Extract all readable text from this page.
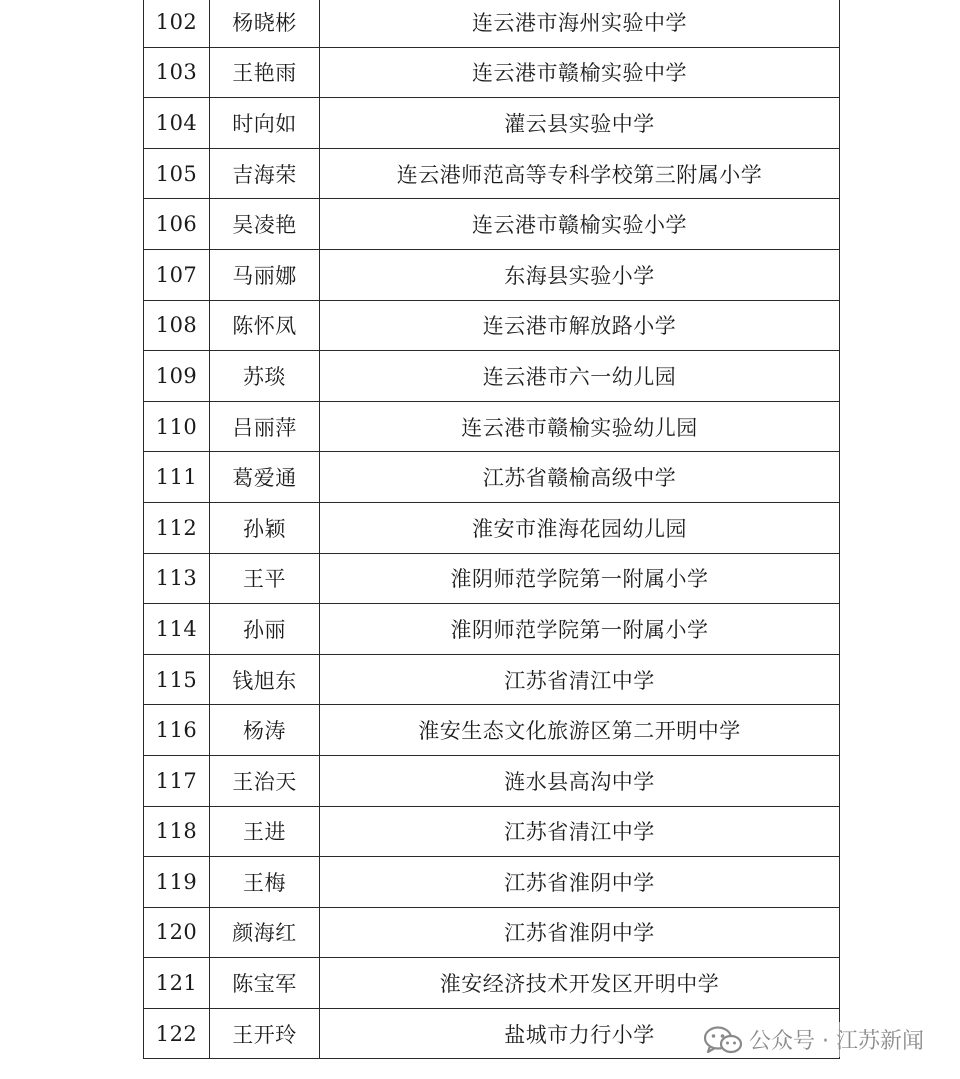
102	杨晓彬	连云港市海州实验中学
103	王艳雨	连云港市赣榆实验中学
104	时向如	灌云县实验中学
105	吉海荣	连云港师范高等专科学校第三附属小学
106	吴凌艳	连云港市赣榆实验小学
107	马丽娜	东海县实验小学
108	陈怀凤	连云港市解放路小学
109	苏琰	连云港市六一幼儿园
110	吕丽萍	连云港市赣榆实验幼儿园
111	葛爱通	江苏省赣榆高级中学
112	孙颖	淮安市淮海花园幼儿园
113	王平	淮阴师范学院第一附属小学
114	孙丽	淮阴师范学院第一附属小学
115	钱旭东	江苏省清江中学
116	杨涛	淮安生态文化旅游区第二开明中学
117	王治天	涟水县高沟中学
118	王进	江苏省清江中学
119	王梅	江苏省淮阴中学
120	颜海红	江苏省淮阴中学
121	陈宝军	淮安经济技术开发区开明中学
122	王开玲	盐城市力行小学	公众号 · 江苏新闻
